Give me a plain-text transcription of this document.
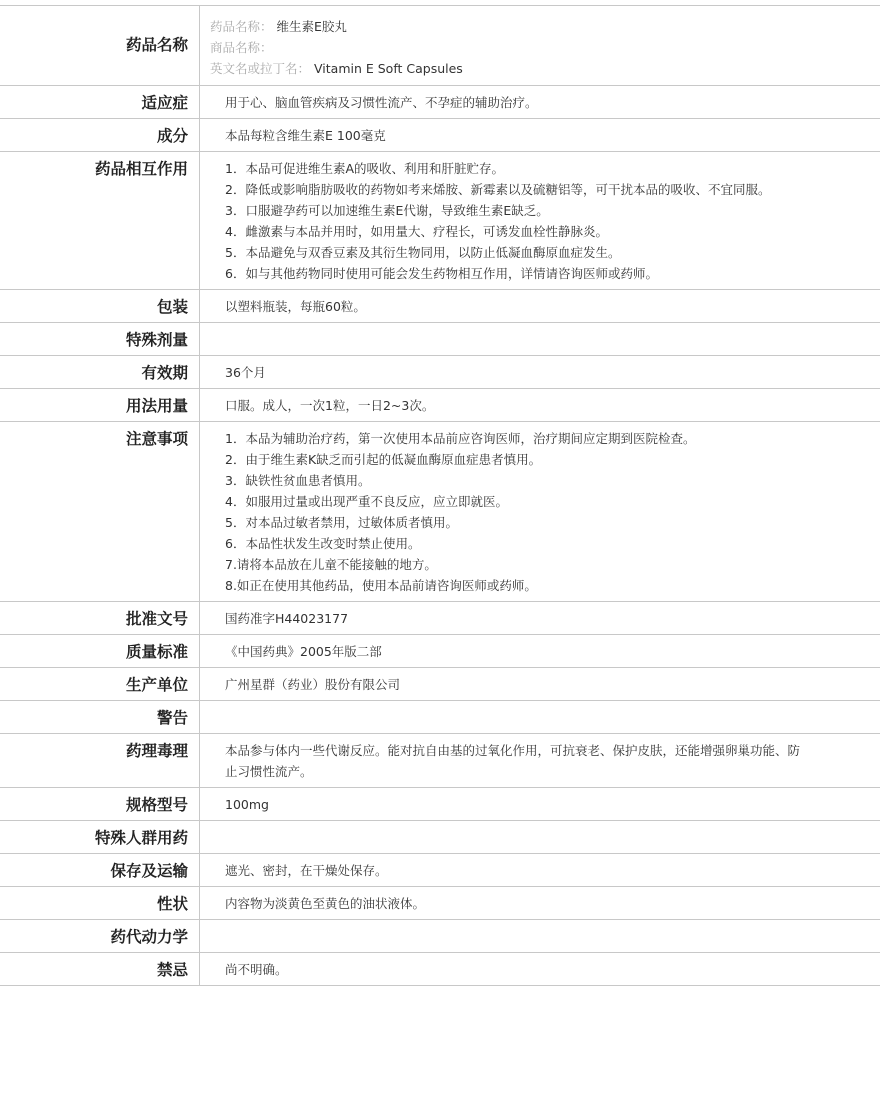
药品名称
药品名称： 维生素E胶丸
商品名称：
英文名或拉丁名： Vitamin E Soft Capsules
适应症	用于心、脑血管疾病及习惯性流产、不孕症的辅助治疗。
成分	本品每粒含维生素E 100毫克
药品相互作用	1．本品可促进维生素A的吸收、利用和肝脏贮存。
2．降低或影响脂肪吸收的药物如考来烯胺、新霉素以及硫糖铝等，可干扰本品的吸收、不宜同服。
3．口服避孕药可以加速维生素E代谢，导致维生素E缺乏。
4．雌激素与本品并用时，如用量大、疗程长，可诱发血栓性静脉炎。
5．本品避免与双香豆素及其衍生物同用，以防止低凝血酶原血症发生。
6．如与其他药物同时使用可能会发生药物相互作用，详情请咨询医师或药师。
包装	以塑料瓶装，每瓶60粒。
特殊剂量
有效期	36个月
用法用量	口服。成人，一次1粒，一日2~3次。
注意事项	1．本品为辅助治疗药，第一次使用本品前应咨询医师，治疗期间应定期到医院检查。
2．由于维生素K缺乏而引起的低凝血酶原血症患者慎用。
3．缺铁性贫血患者慎用。
4．如服用过量或出现严重不良反应，应立即就医。
5．对本品过敏者禁用，过敏体质者慎用。
6．本品性状发生改变时禁止使用。
7.请将本品放在儿童不能接触的地方。
8.如正在使用其他药品，使用本品前请咨询医师或药师。
批准文号	国药准字H44023177
质量标准	《中国药典》2005年版二部
生产单位	广州星群（药业）股份有限公司
警告
药理毒理	本品参与体内一些代谢反应。能对抗自由基的过氧化作用，可抗衰老、保护皮肤，还能增强卵巢功能、防止习惯性流产。
规格型号	100mg
特殊人群用药
保存及运输	遮光、密封，在干燥处保存。
性状	内容物为淡黄色至黄色的油状液体。
药代动力学
禁忌	尚不明确。
